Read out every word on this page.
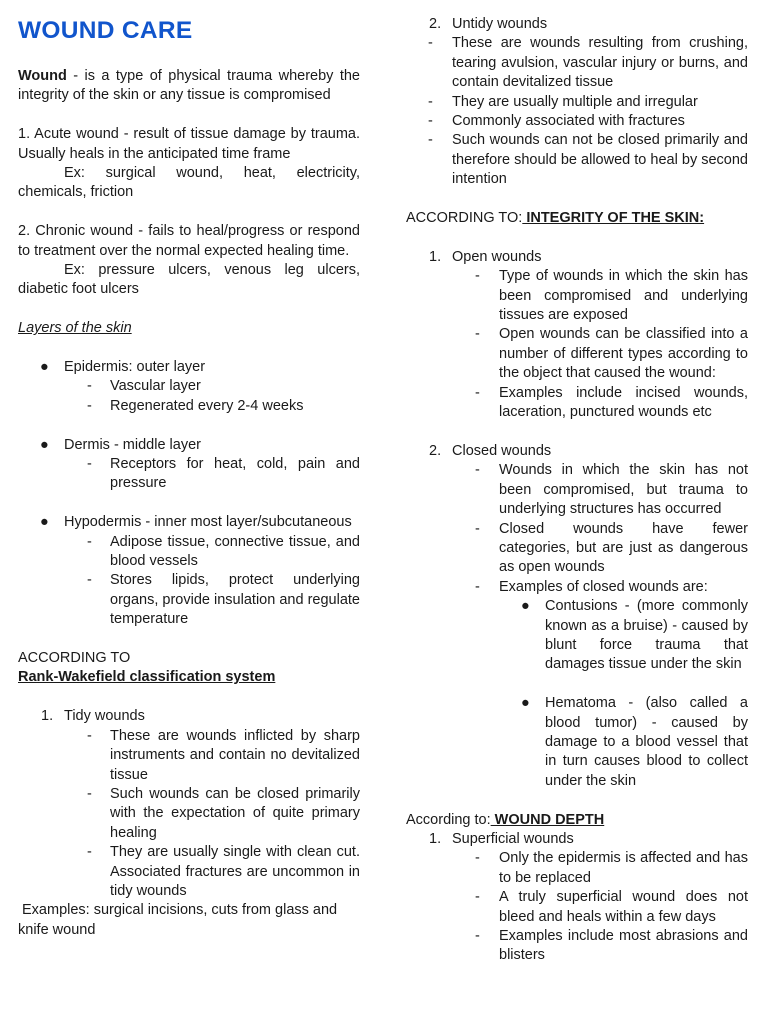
WOUND CARE

Wound - is a type of physical trauma whereby the integrity of the skin or any tissue is compromised

1. Acute wound - result of tissue damage by trauma. Usually heals in the anticipated time frame

Ex: surgical wound, heat, electricity, chemicals, friction

2. Chronic wound - fails to heal/progress or respond to treatment over the normal expected healing time.

Ex: pressure ulcers, venous leg ulcers, diabetic foot ulcers

Layers of the skin

● Epidermis: outer layer
- Vascular layer
- Regenerated every 2-4 weeks
● Dermis - middle layer
- Receptors for heat, cold, pain and pressure
● Hypodermis - inner most layer/subcutaneous
- Adipose tissue, connective tissue, and blood vessels
- Stores lipids, protect underlying organs, provide insulation and regulate temperature

ACCORDING TO

Rank-Wakefield classification system

1. Tidy wounds
- These are wounds inflicted by sharp instruments and contain no devitalized tissue
- Such wounds can be closed primarily with the expectation of quite primary healing
- They are usually single with clean cut. Associated fractures are uncommon in tidy wounds

Examples: surgical incisions, cuts from glass and knife wound

2. Untidy wounds
- These are wounds resulting from crushing, tearing avulsion, vascular injury or burns, and contain devitalized tissue
- They are usually multiple and irregular
- Commonly associated with fractures
- Such wounds can not be closed primarily and therefore should be allowed to heal by second intention

ACCORDING TO: INTEGRITY OF THE SKIN:

1. Open wounds
- Type of wounds in which the skin has been compromised and underlying tissues are exposed
- Open wounds can be classified into a number of different types according to the object that caused the wound:
- Examples include incised wounds, laceration, punctured wounds etc
2. Closed wounds
- Wounds in which the skin has not been compromised, but trauma to underlying structures has occurred
- Closed wounds have fewer categories, but are just as dangerous as open wounds
- Examples of closed wounds are:
● Contusions - (more commonly known as a bruise) - caused by blunt force trauma that damages tissue under the skin
● Hematoma - (also called a blood tumor) - caused by damage to a blood vessel that in turn causes blood to collect under the skin

According to: WOUND DEPTH

1. Superficial wounds
- Only the epidermis is affected and has to be replaced
- A truly superficial wound does not bleed and heals within a few days
- Examples include most abrasions and blisters
